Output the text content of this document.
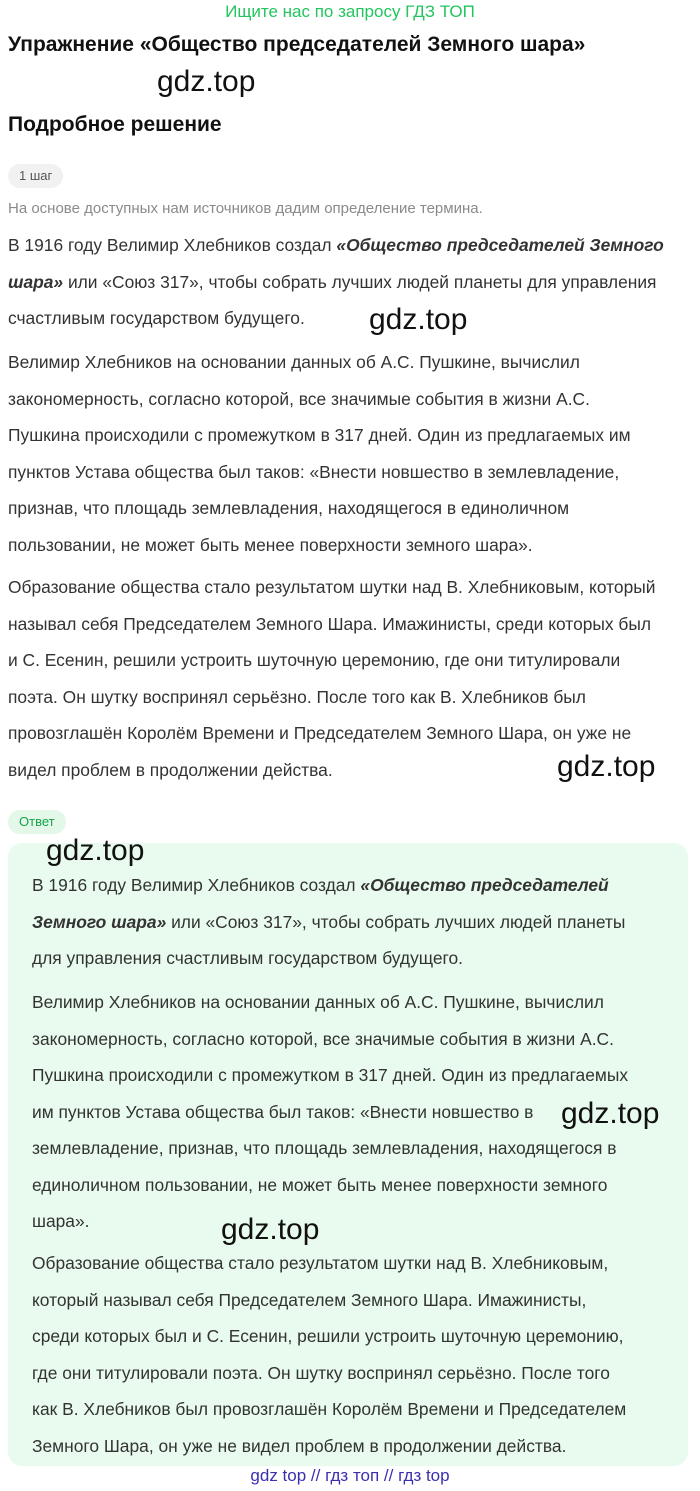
Ищите нас по запросу ГДЗ ТОП
Упражнение «Общество председателей Земного шара»
gdz.top
Подробное решение
1 шаг
На основе доступных нам источников дадим определение термина.
В 1916 году Велимир Хлебников создал «Общество председателей Земного
шара» или «Союз 317», чтобы собрать лучших людей планеты для управления
счастливым государством будущего.	gdz.top
Велимир Хлебников на основании данных об А.С. Пушкине, вычислил
закономерность, согласно которой, все значимые события в жизни А.С.
Пушкина происходили с промежутком в 317 дней. Один из предлагаемых им
пунктов Устава общества был таков: «Внести новшество в землевладение,
признав, что площадь землевладения, находящегося в единоличном
пользовании, не может быть менее поверхности земного шара».
Образование общества стало результатом шутки над В. Хлебниковым, который
называл себя Председателем Земного Шара. Имажинисты, среди которых был
и С. Есенин, решили устроить шуточную церемонию, где они титулировали
поэта. Он шутку воспринял серьёзно. После того как В. Хлебников был
провозглашён Королём Времени и Председателем Земного Шара, он уже не
видел проблем в продолжении действа.	gdz.top
Ответ
gdz.top
В 1916 году Велимир Хлебников создал «Общество председателей
Земного шара» или «Союз 317», чтобы собрать лучших людей планеты
для управления счастливым государством будущего.
Велимир Хлебников на основании данных об А.С. Пушкине, вычислил
закономерность, согласно которой, все значимые события в жизни А.С.
Пушкина происходили с промежутком в 317 дней. Один из предлагаемых
им пунктов Устава общества был таков: «Внести новшество в
землевладение, признав, что площадь землевладения, находящегося в
единоличном пользовании, не может быть менее поверхности земного
шара».
gdz.top
gdz.top
Образование общества стало результатом шутки над В. Хлебниковым,
который называл себя Председателем Земного Шара. Имажинисты,
среди которых был и С. Есенин, решили устроить шуточную церемонию,
где они титулировали поэта. Он шутку воспринял серьёзно. После того
как В. Хлебников был провозглашён Королём Времени и Председателем
Земного Шара, он уже не видел проблем в продолжении действа.
gdz top // гдз топ // гдз top
